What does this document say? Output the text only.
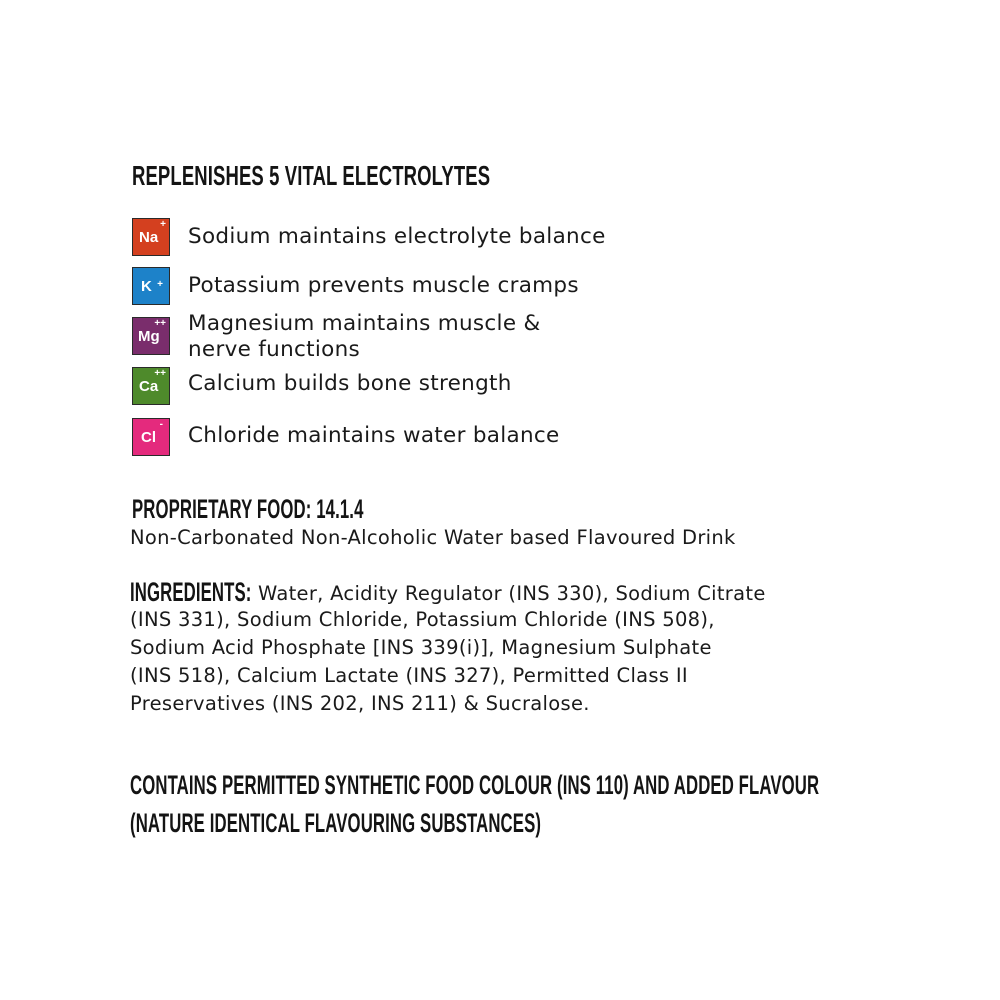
REPLENISHES 5 VITAL ELECTROLYTES
Na
+ Sodium maintains electrolyte balance
K + Potassium prevents muscle cramps
Mg
++ Magnesium maintains muscle &
nerve functions
Ca
++ Calcium builds bone strength
Cl
- Chloride maintains water balance
PROPRIETARY FOOD: 14.1.4
Non-Carbonated Non-Alcoholic Water based Flavoured Drink
INGREDIENTS: Water, Acidity Regulator (INS 330), Sodium Citrate
(INS 331), Sodium Chloride, Potassium Chloride (INS 508),
Sodium Acid Phosphate [INS 339(i)], Magnesium Sulphate
(INS 518), Calcium Lactate (INS 327), Permitted Class II
Preservatives (INS 202, INS 211) & Sucralose.
CONTAINS PERMITTED SYNTHETIC FOOD COLOUR (INS 110) AND ADDED FLAVOUR
(NATURE IDENTICAL FLAVOURING SUBSTANCES)
